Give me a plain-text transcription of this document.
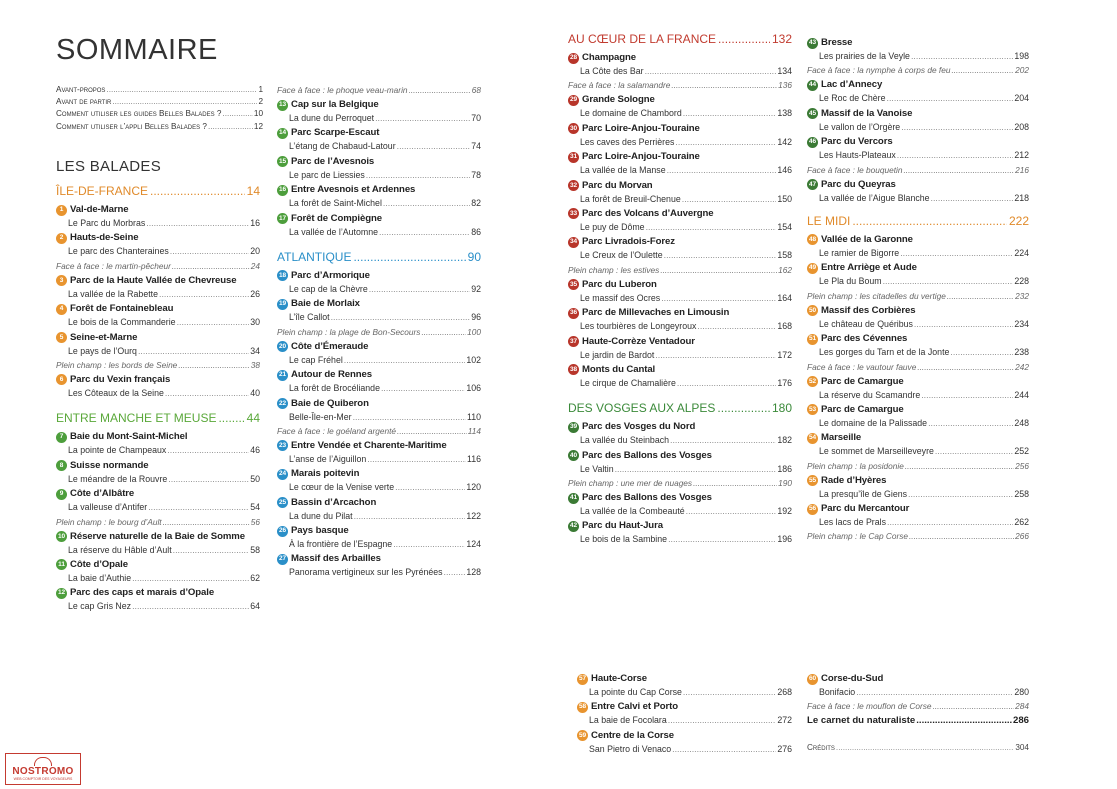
SOMMAIRE
Avant-propos .....	1
Avant de partir .....	2
Comment utiliser les guides Belles Balades ? .....	10
Comment utiliser l’appli Belles Balades ? .....	12
LES BALADES
ÎLE-DE-FRANCE .....	14
1 Val-de-Marne
Le Parc du Morbras .....	16
2 Hauts-de-Seine
Le parc des Chanteraines .....	20
Face à face : le martin-pêcheur .....	24
3 Parc de la Haute Vallée de Chevreuse
La vallée de la Rabette .....	26
4 Forêt de Fontainebleau
Le bois de la Commanderie .....	30
5 Seine-et-Marne
Le pays de l’Ourq .....	34
Plein champ : les bords de Seine .....	38
6 Parc du Vexin français
Les Côteaux de la Seine .....	40
ENTRE MANCHE ET MEUSE .....	44
7 Baie du Mont-Saint-Michel
La pointe de Champeaux .....	46
8 Suisse normande
Le méandre de la Rouvre .....	50
9 Côte d’Albâtre
La valleuse d’Antifer .....	54
Plein champ : le bourg d’Ault .....	56
10 Réserve naturelle de la Baie de Somme
La réserve du Hâble d’Ault .....	58
11 Côte d’Opale
La baie d’Authie .....	62
12 Parc des caps et marais d’Opale
Le cap Gris Nez .....	64
Face à face : le phoque veau-marin .....	68
13 Cap sur la Belgique
La dune du Perroquet .....	70
14 Parc Scarpe-Escaut
L’étang de Chabaud-Latour .....	74
15 Parc de l’Avesnois
Le parc de Liessies .....	78
16 Entre Avesnois et Ardennes
La forêt de Saint-Michel .....	82
17 Forêt de Compiègne
La vallée de l’Automne .....	86
ATLANTIQUE .....	90
18 Parc d’Armorique
Le cap de la Chèvre .....	92
19 Baie de Morlaix
L’île Callot .....	96
Plein champ : la plage de Bon-Secours .....	100
20 Côte d’Émeraude
Le cap Fréhel .....	102
21 Autour de Rennes
La forêt de Brocéliande .....	106
22 Baie de Quiberon
Belle-Île-en-Mer .....	110
Face à face : le goéland argenté .....	114
23 Entre Vendée et Charente-Maritime
L’anse de l’Aiguillon .....	116
24 Marais poitevin
Le cœur de la Venise verte .....	120
25 Bassin d’Arcachon
La dune du Pilat .....	122
26 Pays basque
À la frontière de l’Espagne .....	124
27 Massif des Arbailles
Panorama vertigineux sur les Pyrénées .....	128
AU CŒUR DE LA FRANCE .....	132
28 Champagne
La Côte des Bar .....	134
Face à face : la salamandre .....	136
29 Grande Sologne
Le domaine de Chambord .....	138
30 Parc Loire-Anjou-Touraine
Les caves des Perrières .....	142
31 Parc Loire-Anjou-Touraine
La vallée de la Manse .....	146
32 Parc du Morvan
La forêt de Breuil-Chenue .....	150
33 Parc des Volcans d’Auvergne
Le puy de Dôme .....	154
34 Parc Livradois-Forez
Le Creux de l’Oulette .....	158
Plein champ : les estives .....	162
35 Parc du Luberon
Le massif des Ocres .....	164
36 Parc de Millevaches en Limousin
Les tourbières de Longeyroux .....	168
37 Haute-Corrèze Ventadour
Le jardin de Bardot .....	172
38 Monts du Cantal
Le cirque de Chamalière .....	176
DES VOSGES AUX ALPES .....	180
39 Parc des Vosges du Nord
La vallée du Steinbach .....	182
40 Parc des Ballons des Vosges
Le Valtin .....	186
Plein champ : une mer de nuages .....	190
41 Parc des Ballons des Vosges
La vallée de la Combeauté .....	192
42 Parc du Haut-Jura
Le bois de la Sambine .....	196
57 Haute-Corse
La pointe du Cap Corse .....	268
58 Entre Calvi et Porto
La baie de Focolara .....	272
59 Centre de la Corse
San Pietro di Venaco .....	276
43 Bresse
Les prairies de la Veyle .....	198
Face à face : la nymphe à corps de feu .....	202
44 Lac d’Annecy
Le Roc de Chère .....	204
45 Massif de la Vanoise
Le vallon de l’Orgère .....	208
46 Parc du Vercors
Les Hauts-Plateaux .....	212
Face à face : le bouquetin .....	216
47 Parc du Queyras
La vallée de l’Aigue Blanche .....	218
LE MIDI .....	222
48 Vallée de la Garonne
Le ramier de Bigorre .....	224
49 Entre Arriège et Aude
Le Pla du Boum .....	228
Plein champ : les citadelles du vertige .....	232
50 Massif des Corbières
Le château de Quéribus .....	234
51 Parc des Cévennes
Les gorges du Tarn et de la Jonte .....	238
Face à face : le vautour fauve .....	242
52 Parc de Camargue
La réserve du Scamandre .....	244
53 Parc de Camargue
Le domaine de la Palissade .....	248
54 Marseille
Le sommet de Marseilleveyre .....	252
Plein champ : la posidonie .....	256
55 Rade d’Hyères
La presqu’île de Giens .....	258
56 Parc du Mercantour
Les lacs de Prals .....	262
Plein champ : le Cap Corse .....	266
60 Corse-du-Sud
Bonifacio .....	280
Face à face : le mouflon de Corse .....	284
Le carnet du naturaliste .....	286
Crédits .....	304
NOSTROMO
WEB COMPTOIR DES VOYAGEURS
